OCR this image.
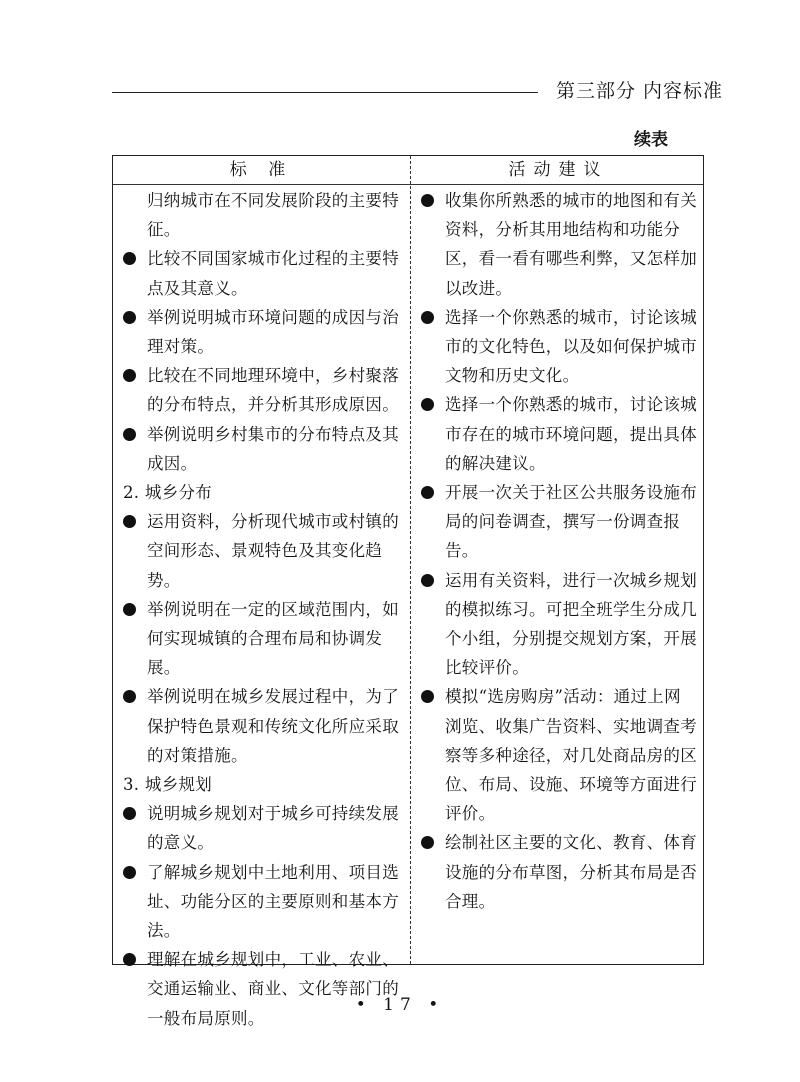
第三部分 内容标准
续表
标 准	活动建议

归纳城市在不同发展阶段的主要特征。

比较不同国家城市化过程的主要特点及其意义。

举例说明城市环境问题的成因与治理对策。

比较在不同地理环境中，乡村聚落的分布特点，并分析其形成原因。

举例说明乡村集市的分布特点及其成因。

2. 城乡分布

运用资料，分析现代城市或村镇的空间形态、景观特色及其变化趋势。

举例说明在一定的区域范围内，如何实现城镇的合理布局和协调发展。

举例说明在城乡发展过程中，为了保护特色景观和传统文化所应采取的对策措施。

3. 城乡规划

说明城乡规划对于城乡可持续发展的意义。

了解城乡规划中土地利用、项目选址、功能分区的主要原则和基本方法。

理解在城乡规划中，工业、农业、交通运输业、商业、文化等部门的一般布局原则。

收集你所熟悉的城市的地图和有关资料，分析其用地结构和功能分区，看一看有哪些利弊，又怎样加以改进。

选择一个你熟悉的城市，讨论该城市的文化特色，以及如何保护城市文物和历史文化。

选择一个你熟悉的城市，讨论该城市存在的城市环境问题，提出具体的解决建议。

开展一次关于社区公共服务设施布局的问卷调查，撰写一份调查报告。

运用有关资料，进行一次城乡规划的模拟练习。可把全班学生分成几个小组，分别提交规划方案，开展比较评价。

模拟“选房购房”活动：通过上网浏览、收集广告资料、实地调查考察等多种途径，对几处商品房的区位、布局、设施、环境等方面进行评价。

绘制社区主要的文化、教育、体育设施的分布草图，分析其布局是否合理。

• 17 •
